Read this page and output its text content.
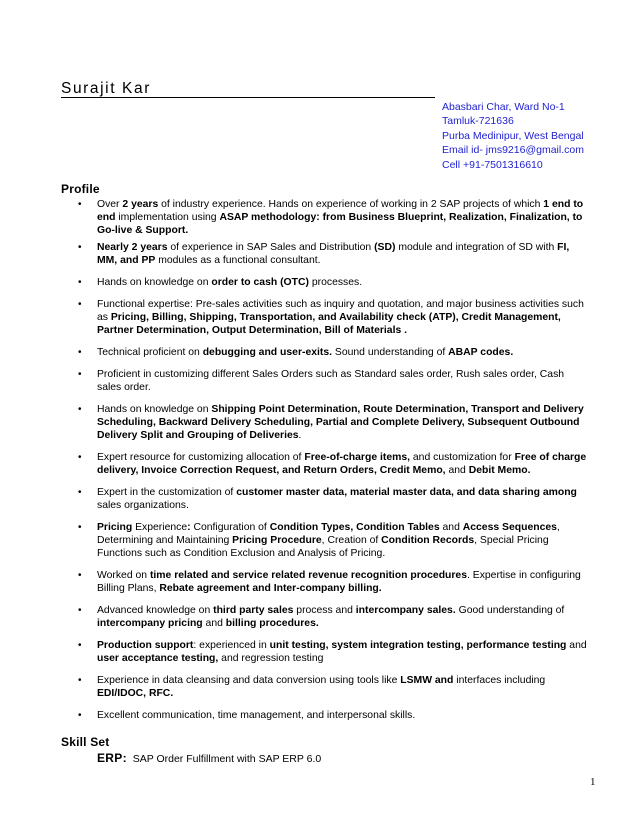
Surajit Kar
Abasbari Char, Ward No-1
Tamluk-721636
Purba Medinipur, West Bengal
Email id- jms9216@gmail.com
Cell +91-7501316610
Profile
• Over 2 years of industry experience. Hands on experience of working in 2 SAP projects of which 1 end to end implementation using ASAP methodology: from Business Blueprint, Realization, Finalization, to Go-live & Support.
• Nearly 2 years of experience in SAP Sales and Distribution (SD) module and integration of SD with FI, MM, and PP modules as a functional consultant.
• Hands on knowledge on order to cash (OTC) processes.
• Functional expertise: Pre-sales activities such as inquiry and quotation, and major business activities such as Pricing, Billing, Shipping, Transportation, and Availability check (ATP), Credit Management, Partner Determination, Output Determination, Bill of Materials .
• Technical proficient on debugging and user-exits. Sound understanding of ABAP codes.
• Proficient in customizing different Sales Orders such as Standard sales order, Rush sales order, Cash sales order.
• Hands on knowledge on Shipping Point Determination, Route Determination, Transport and Delivery Scheduling, Backward Delivery Scheduling, Partial and Complete Delivery, Subsequent Outbound Delivery Split and Grouping of Deliveries.
• Expert resource for customizing allocation of Free-of-charge items, and customization for Free of charge delivery, Invoice Correction Request, and Return Orders, Credit Memo, and Debit Memo.
• Expert in the customization of customer master data, material master data, and data sharing among sales organizations.
• Pricing Experience: Configuration of Condition Types, Condition Tables and Access Sequences, Determining and Maintaining Pricing Procedure, Creation of Condition Records, Special Pricing Functions such as Condition Exclusion and Analysis of Pricing.
• Worked on time related and service related revenue recognition procedures. Expertise in configuring Billing Plans, Rebate agreement and Inter-company billing.
• Advanced knowledge on third party sales process and intercompany sales. Good understanding of intercompany pricing and billing procedures.
• Production support: experienced in unit testing, system integration testing, performance testing and user acceptance testing, and regression testing
• Experience in data cleansing and data conversion using tools like LSMW and interfaces including EDI/IDOC, RFC.
• Excellent communication, time management, and interpersonal skills.
Skill Set
ERP: SAP Order Fulfillment with SAP ERP 6.0
1
